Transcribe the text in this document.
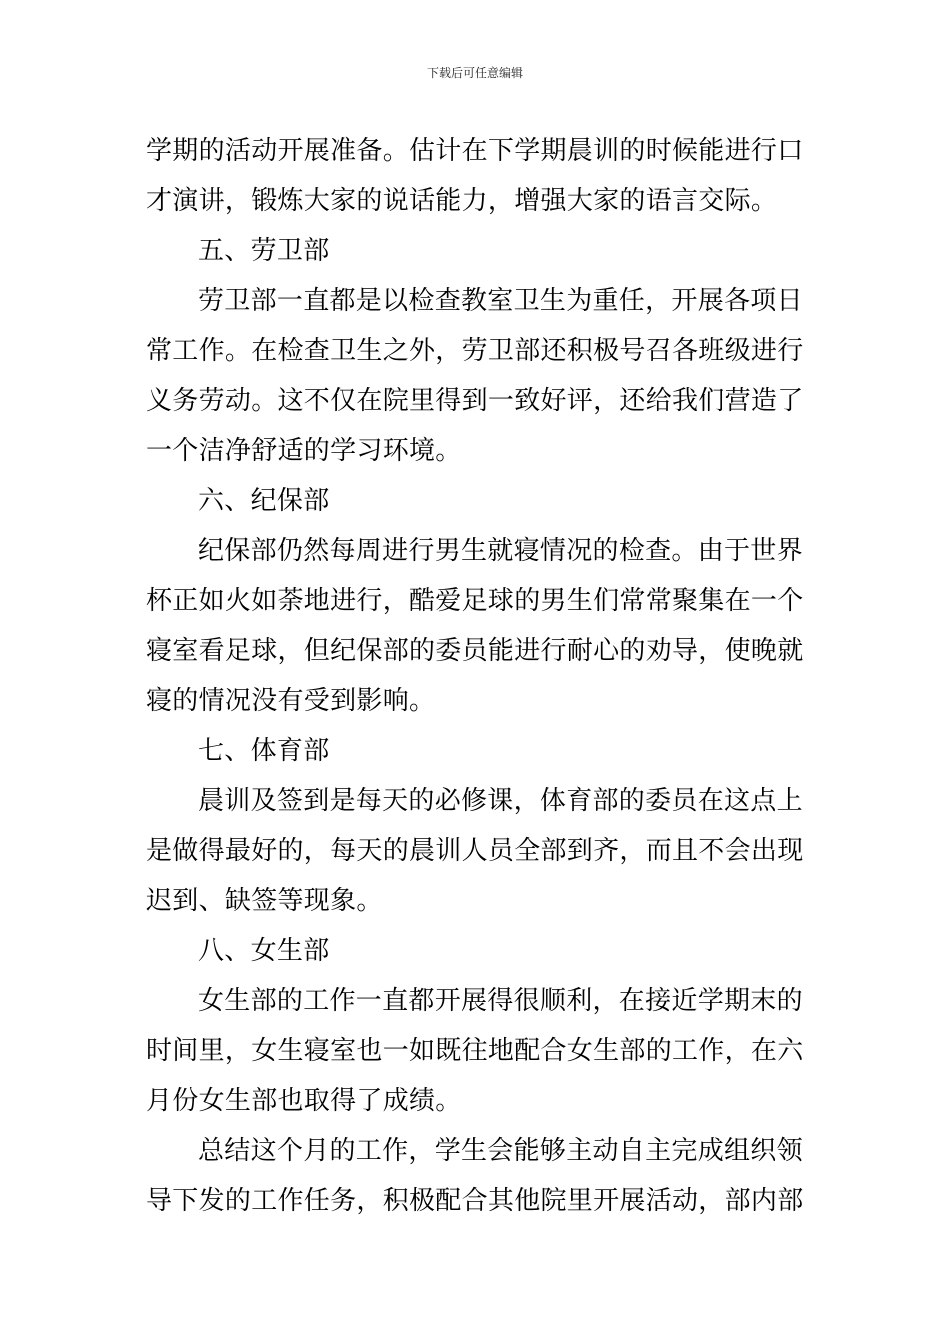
下载后可任意编辑
学期的活动开展准备。估计在下学期晨训的时候能进行口
才演讲，锻炼大家的说话能力，增强大家的语言交际。
五、劳卫部
劳卫部一直都是以检查教室卫生为重任，开展各项日
常工作。在检查卫生之外，劳卫部还积极号召各班级进行
义务劳动。这不仅在院里得到一致好评，还给我们营造了
一个洁净舒适的学习环境。
六、纪保部
纪保部仍然每周进行男生就寝情况的检查。由于世界
杯正如火如荼地进行，酷爱足球的男生们常常聚集在一个
寝室看足球，但纪保部的委员能进行耐心的劝导，使晚就
寝的情况没有受到影响。
七、体育部
晨训及签到是每天的必修课，体育部的委员在这点上
是做得最好的，每天的晨训人员全部到齐，而且不会出现
迟到、缺签等现象。
八、女生部
女生部的工作一直都开展得很顺利，在接近学期末的
时间里，女生寝室也一如既往地配合女生部的工作，在六
月份女生部也取得了成绩。
总结这个月的工作，学生会能够主动自主完成组织领
导下发的工作任务，积极配合其他院里开展活动，部内部
